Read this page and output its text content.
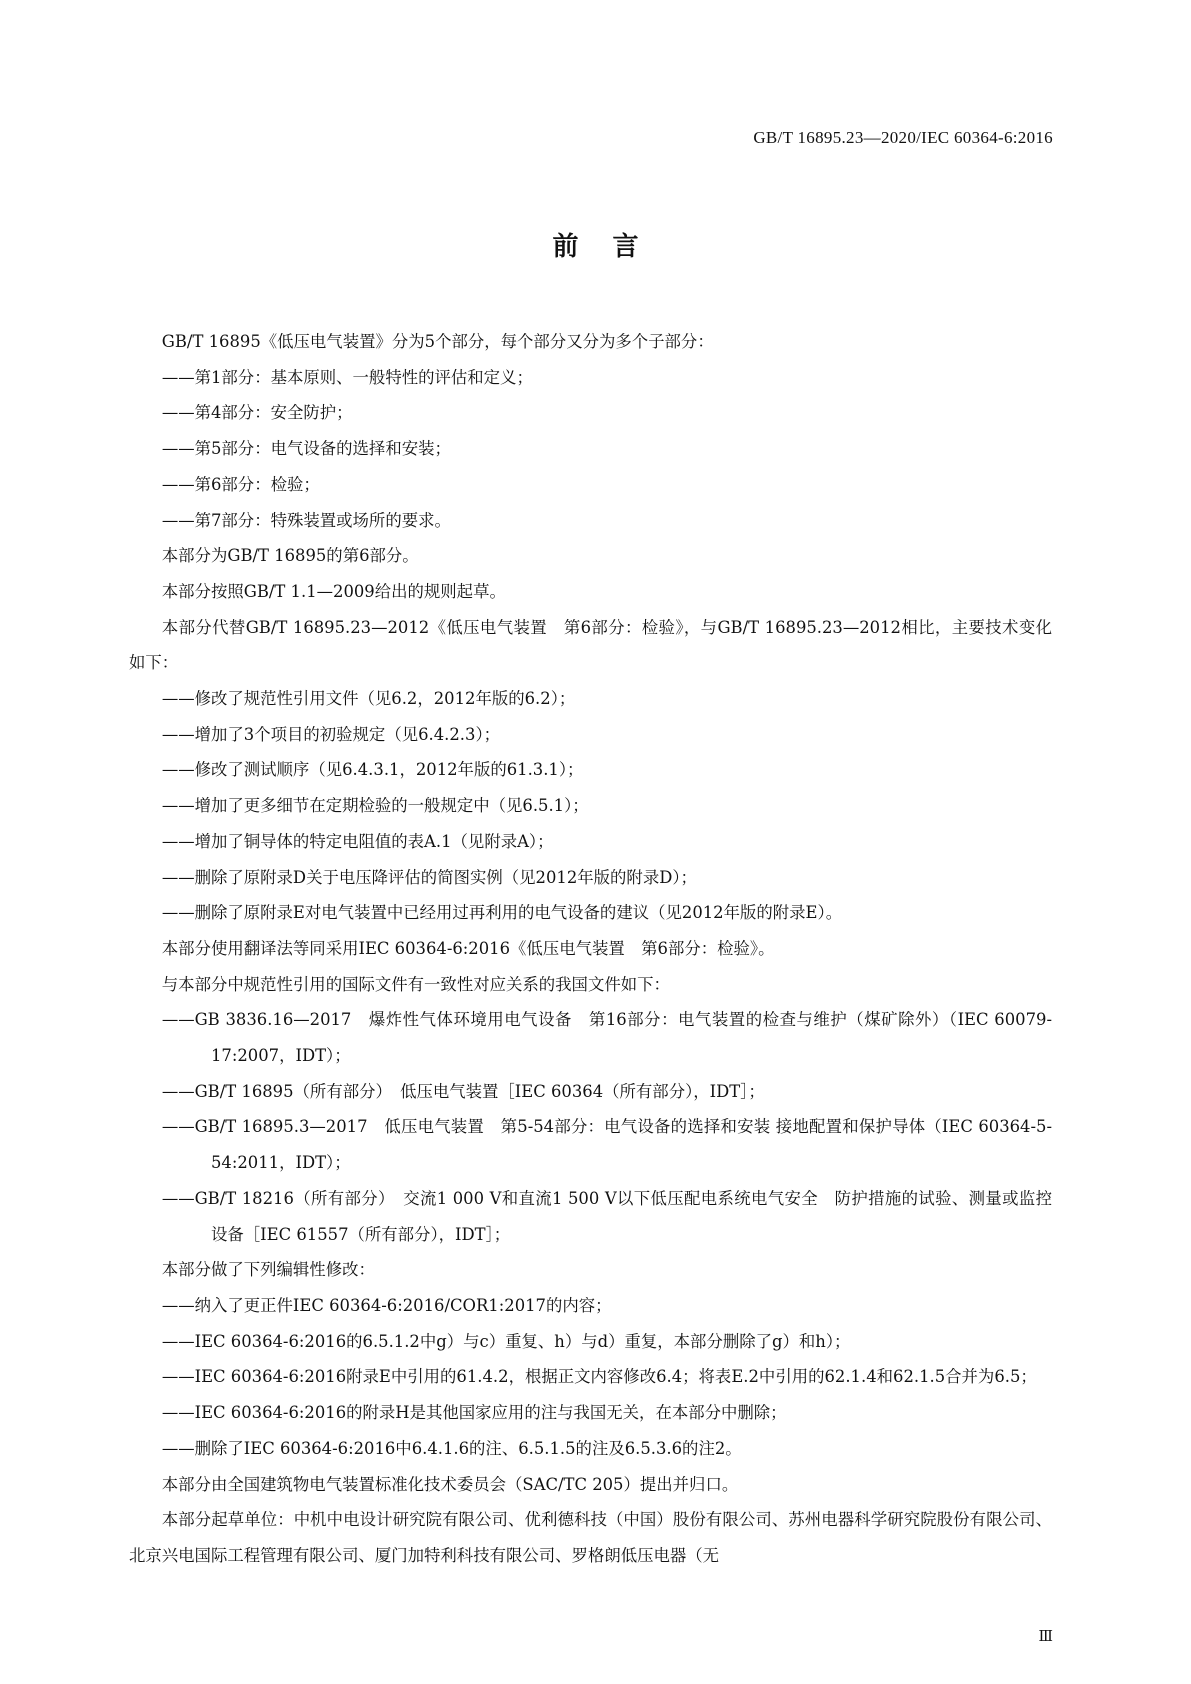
GB/T 16895.23—2020/IEC 60364-6:2016
前言

GB/T 16895《低压电气装置》分为5个部分，每个部分又分为多个子部分：

——第1部分：基本原则、一般特性的评估和定义；

——第4部分：安全防护；

——第5部分：电气设备的选择和安装；

——第6部分：检验；

——第7部分：特殊装置或场所的要求。

本部分为GB/T 16895的第6部分。

本部分按照GB/T 1.1—2009给出的规则起草。

本部分代替GB/T 16895.23—2012《低压电气装置　第6部分：检验》，与GB/T 16895.23—2012相比，主要技术变化如下：

——修改了规范性引用文件（见6.2，2012年版的6.2）；

——增加了3个项目的初验规定（见6.4.2.3）；

——修改了测试顺序（见6.4.3.1，2012年版的61.3.1）；

——增加了更多细节在定期检验的一般规定中（见6.5.1）；

——增加了铜导体的特定电阻值的表A.1（见附录A）；

——删除了原附录D关于电压降评估的简图实例（见2012年版的附录D）；

——删除了原附录E对电气装置中已经用过再利用的电气设备的建议（见2012年版的附录E）。

本部分使用翻译法等同采用IEC 60364-6:2016《低压电气装置　第6部分：检验》。

与本部分中规范性引用的国际文件有一致性对应关系的我国文件如下：

——GB 3836.16—2017　爆炸性气体环境用电气设备　第16部分：电气装置的检查与维护（煤矿除外）（IEC 60079-17:2007，IDT）；

——GB/T 16895（所有部分）　低压电气装置［IEC 60364（所有部分），IDT］；

——GB/T 16895.3—2017　低压电气装置　第5-54部分：电气设备的选择和安装 接地配置和保护导体（IEC 60364-5-54:2011，IDT）；

——GB/T 18216（所有部分）　交流1 000 V和直流1 500 V以下低压配电系统电气安全　防护措施的试验、测量或监控设备［IEC 61557（所有部分），IDT］；

本部分做了下列编辑性修改：

——纳入了更正件IEC 60364-6:2016/COR1:2017的内容；

——IEC 60364-6:2016的6.5.1.2中g）与c）重复、h）与d）重复，本部分删除了g）和h）；

——IEC 60364-6:2016附录E中引用的61.4.2，根据正文内容修改6.4；将表E.2中引用的62.1.4和62.1.5合并为6.5；

——IEC 60364-6:2016的附录H是其他国家应用的注与我国无关，在本部分中删除；

——删除了IEC 60364-6:2016中6.4.1.6的注、6.5.1.5的注及6.5.3.6的注2。

本部分由全国建筑物电气装置标准化技术委员会（SAC/TC 205）提出并归口。

本部分起草单位：中机中电设计研究院有限公司、优利德科技（中国）股份有限公司、苏州电器科学研究院股份有限公司、北京兴电国际工程管理有限公司、厦门加特利科技有限公司、罗格朗低压电器（无

Ⅲ
